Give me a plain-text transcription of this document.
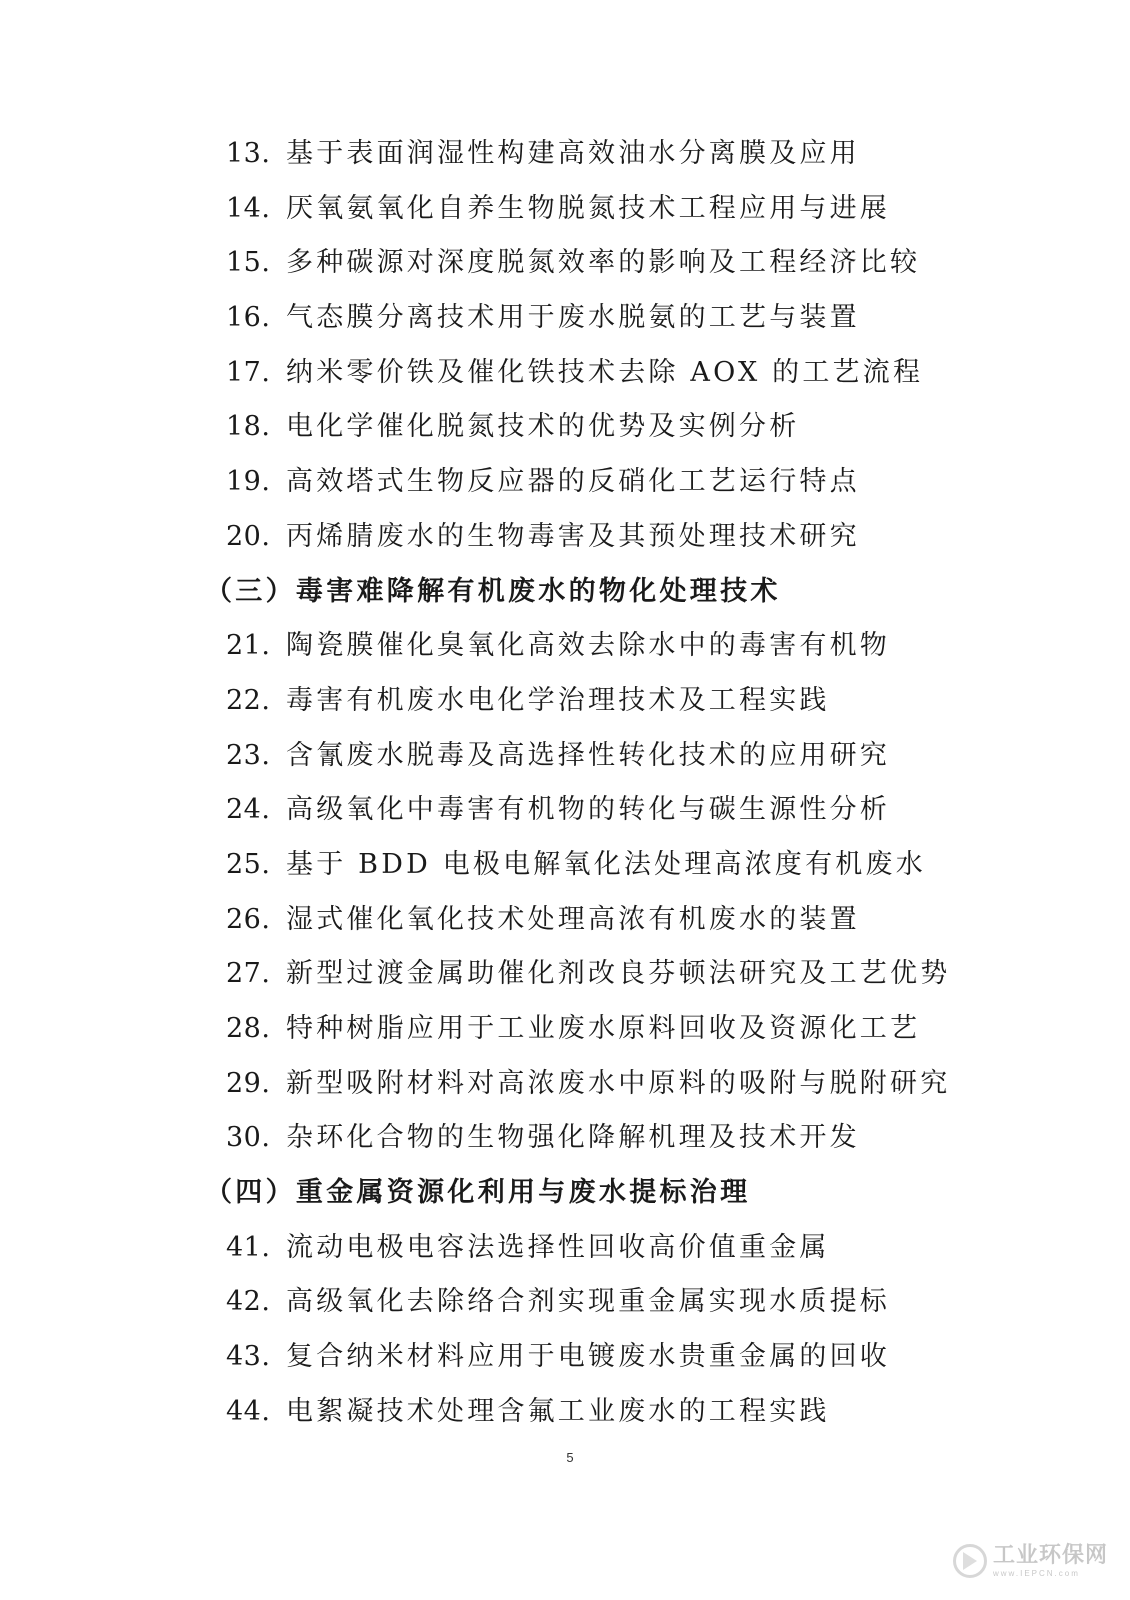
13. 基于表面润湿性构建高效油水分离膜及应用
14. 厌氧氨氧化自养生物脱氮技术工程应用与进展
15. 多种碳源对深度脱氮效率的影响及工程经济比较
16. 气态膜分离技术用于废水脱氨的工艺与装置
17. 纳米零价铁及催化铁技术去除 AOX 的工艺流程
18. 电化学催化脱氮技术的优势及实例分析
19. 高效塔式生物反应器的反硝化工艺运行特点
20. 丙烯腈废水的生物毒害及其预处理技术研究
（三）毒害难降解有机废水的物化处理技术
21. 陶瓷膜催化臭氧化高效去除水中的毒害有机物
22. 毒害有机废水电化学治理技术及工程实践
23. 含氰废水脱毒及高选择性转化技术的应用研究
24. 高级氧化中毒害有机物的转化与碳生源性分析
25. 基于 BDD 电极电解氧化法处理高浓度有机废水
26. 湿式催化氧化技术处理高浓有机废水的装置
27. 新型过渡金属助催化剂改良芬顿法研究及工艺优势
28. 特种树脂应用于工业废水原料回收及资源化工艺
29. 新型吸附材料对高浓废水中原料的吸附与脱附研究
30. 杂环化合物的生物强化降解机理及技术开发
（四）重金属资源化利用与废水提标治理
41. 流动电极电容法选择性回收高价值重金属
42. 高级氧化去除络合剂实现重金属实现水质提标
43. 复合纳米材料应用于电镀废水贵重金属的回收
44. 电絮凝技术处理含氟工业废水的工程实践
5
工业环保网
www.IEPCN.com
